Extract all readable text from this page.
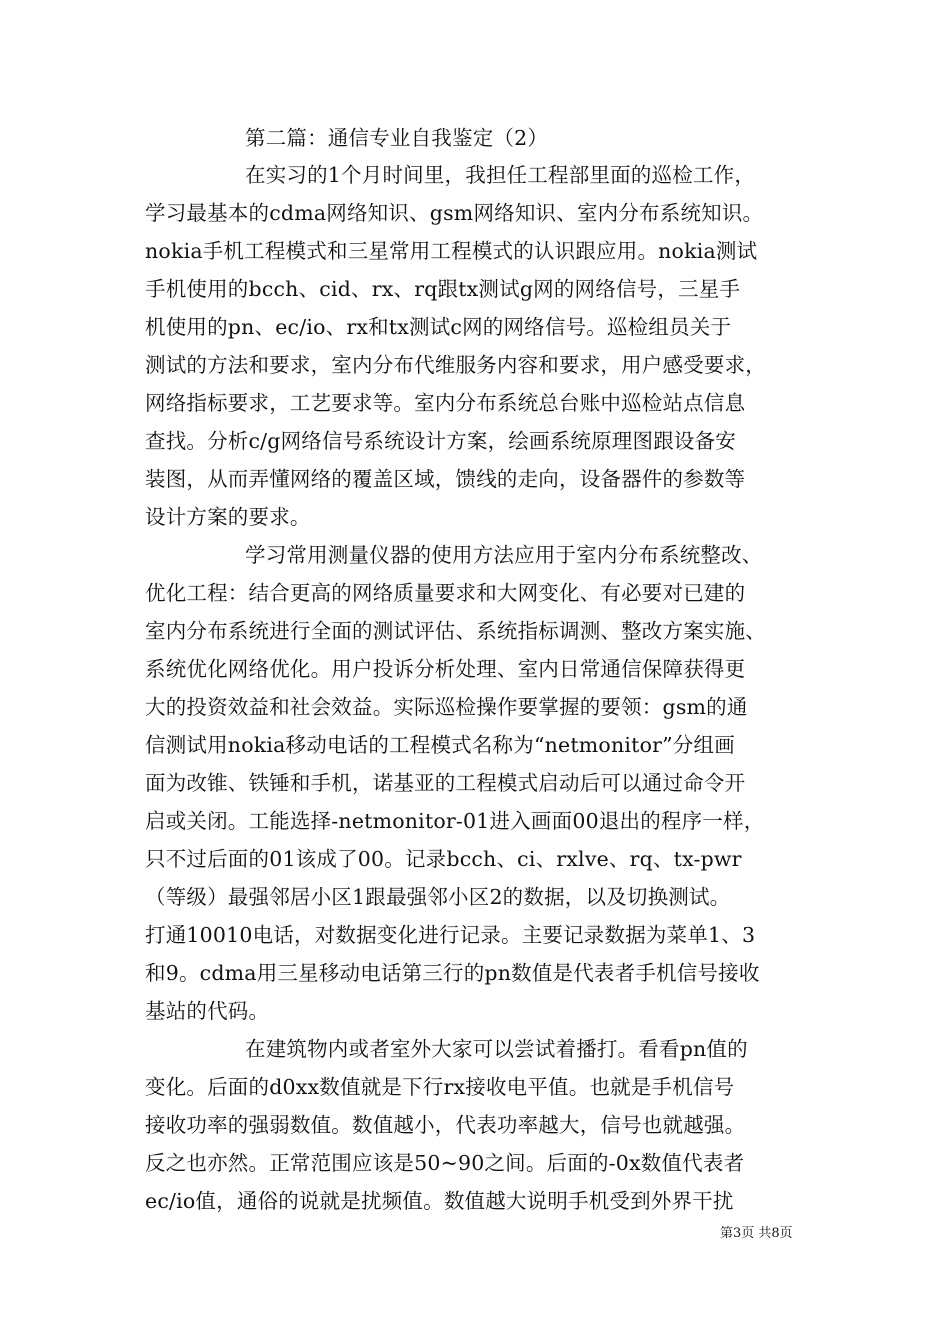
第二篇：通信专业自我鉴定（2）
在实习的1个月时间里，我担任工程部里面的巡检工作，
学习最基本的cdma网络知识、gsm网络知识、室内分布系统知识。
nokia手机工程模式和三星常用工程模式的认识跟应用。nokia测试
手机使用的bcch、cid、rx、rq跟tx测试g网的网络信号，三星手
机使用的pn、ec/io、rx和tx测试c网的网络信号。巡检组员关于
测试的方法和要求，室内分布代维服务内容和要求，用户感受要求，
网络指标要求，工艺要求等。室内分布系统总台账中巡检站点信息
查找。分析c/g网络信号系统设计方案，绘画系统原理图跟设备安
装图，从而弄懂网络的覆盖区域，馈线的走向，设备器件的参数等
设计方案的要求。
学习常用测量仪器的使用方法应用于室内分布系统整改、
优化工程：结合更高的网络质量要求和大网变化、有必要对已建的
室内分布系统进行全面的测试评估、系统指标调测、整改方案实施、
系统优化网络优化。用户投诉分析处理、室内日常通信保障获得更
大的投资效益和社会效益。实际巡检操作要掌握的要领：gsm的通
信测试用nokia移动电话的工程模式名称为“netmonitor”分组画
面为改锥、铁锤和手机，诺基亚的工程模式启动后可以通过命令开
启或关闭。工能选择-netmonitor-01进入画面00退出的程序一样，
只不过后面的01该成了00。记录bcch、ci、rxlve、rq、tx-pwr
（等级）最强邻居小区1跟最强邻小区2的数据，以及切换测试。
打通10010电话，对数据变化进行记录。主要记录数据为菜单1、3
和9。cdma用三星移动电话第三行的pn数值是代表者手机信号接收
基站的代码。
在建筑物内或者室外大家可以尝试着播打。看看pn值的
变化。后面的d0xx数值就是下行rx接收电平值。也就是手机信号
接收功率的强弱数值。数值越小，代表功率越大，信号也就越强。
反之也亦然。正常范围应该是50~90之间。后面的-0x数值代表者
ec/io值，通俗的说就是扰频值。数值越大说明手机受到外界干扰
第3页 共8页
